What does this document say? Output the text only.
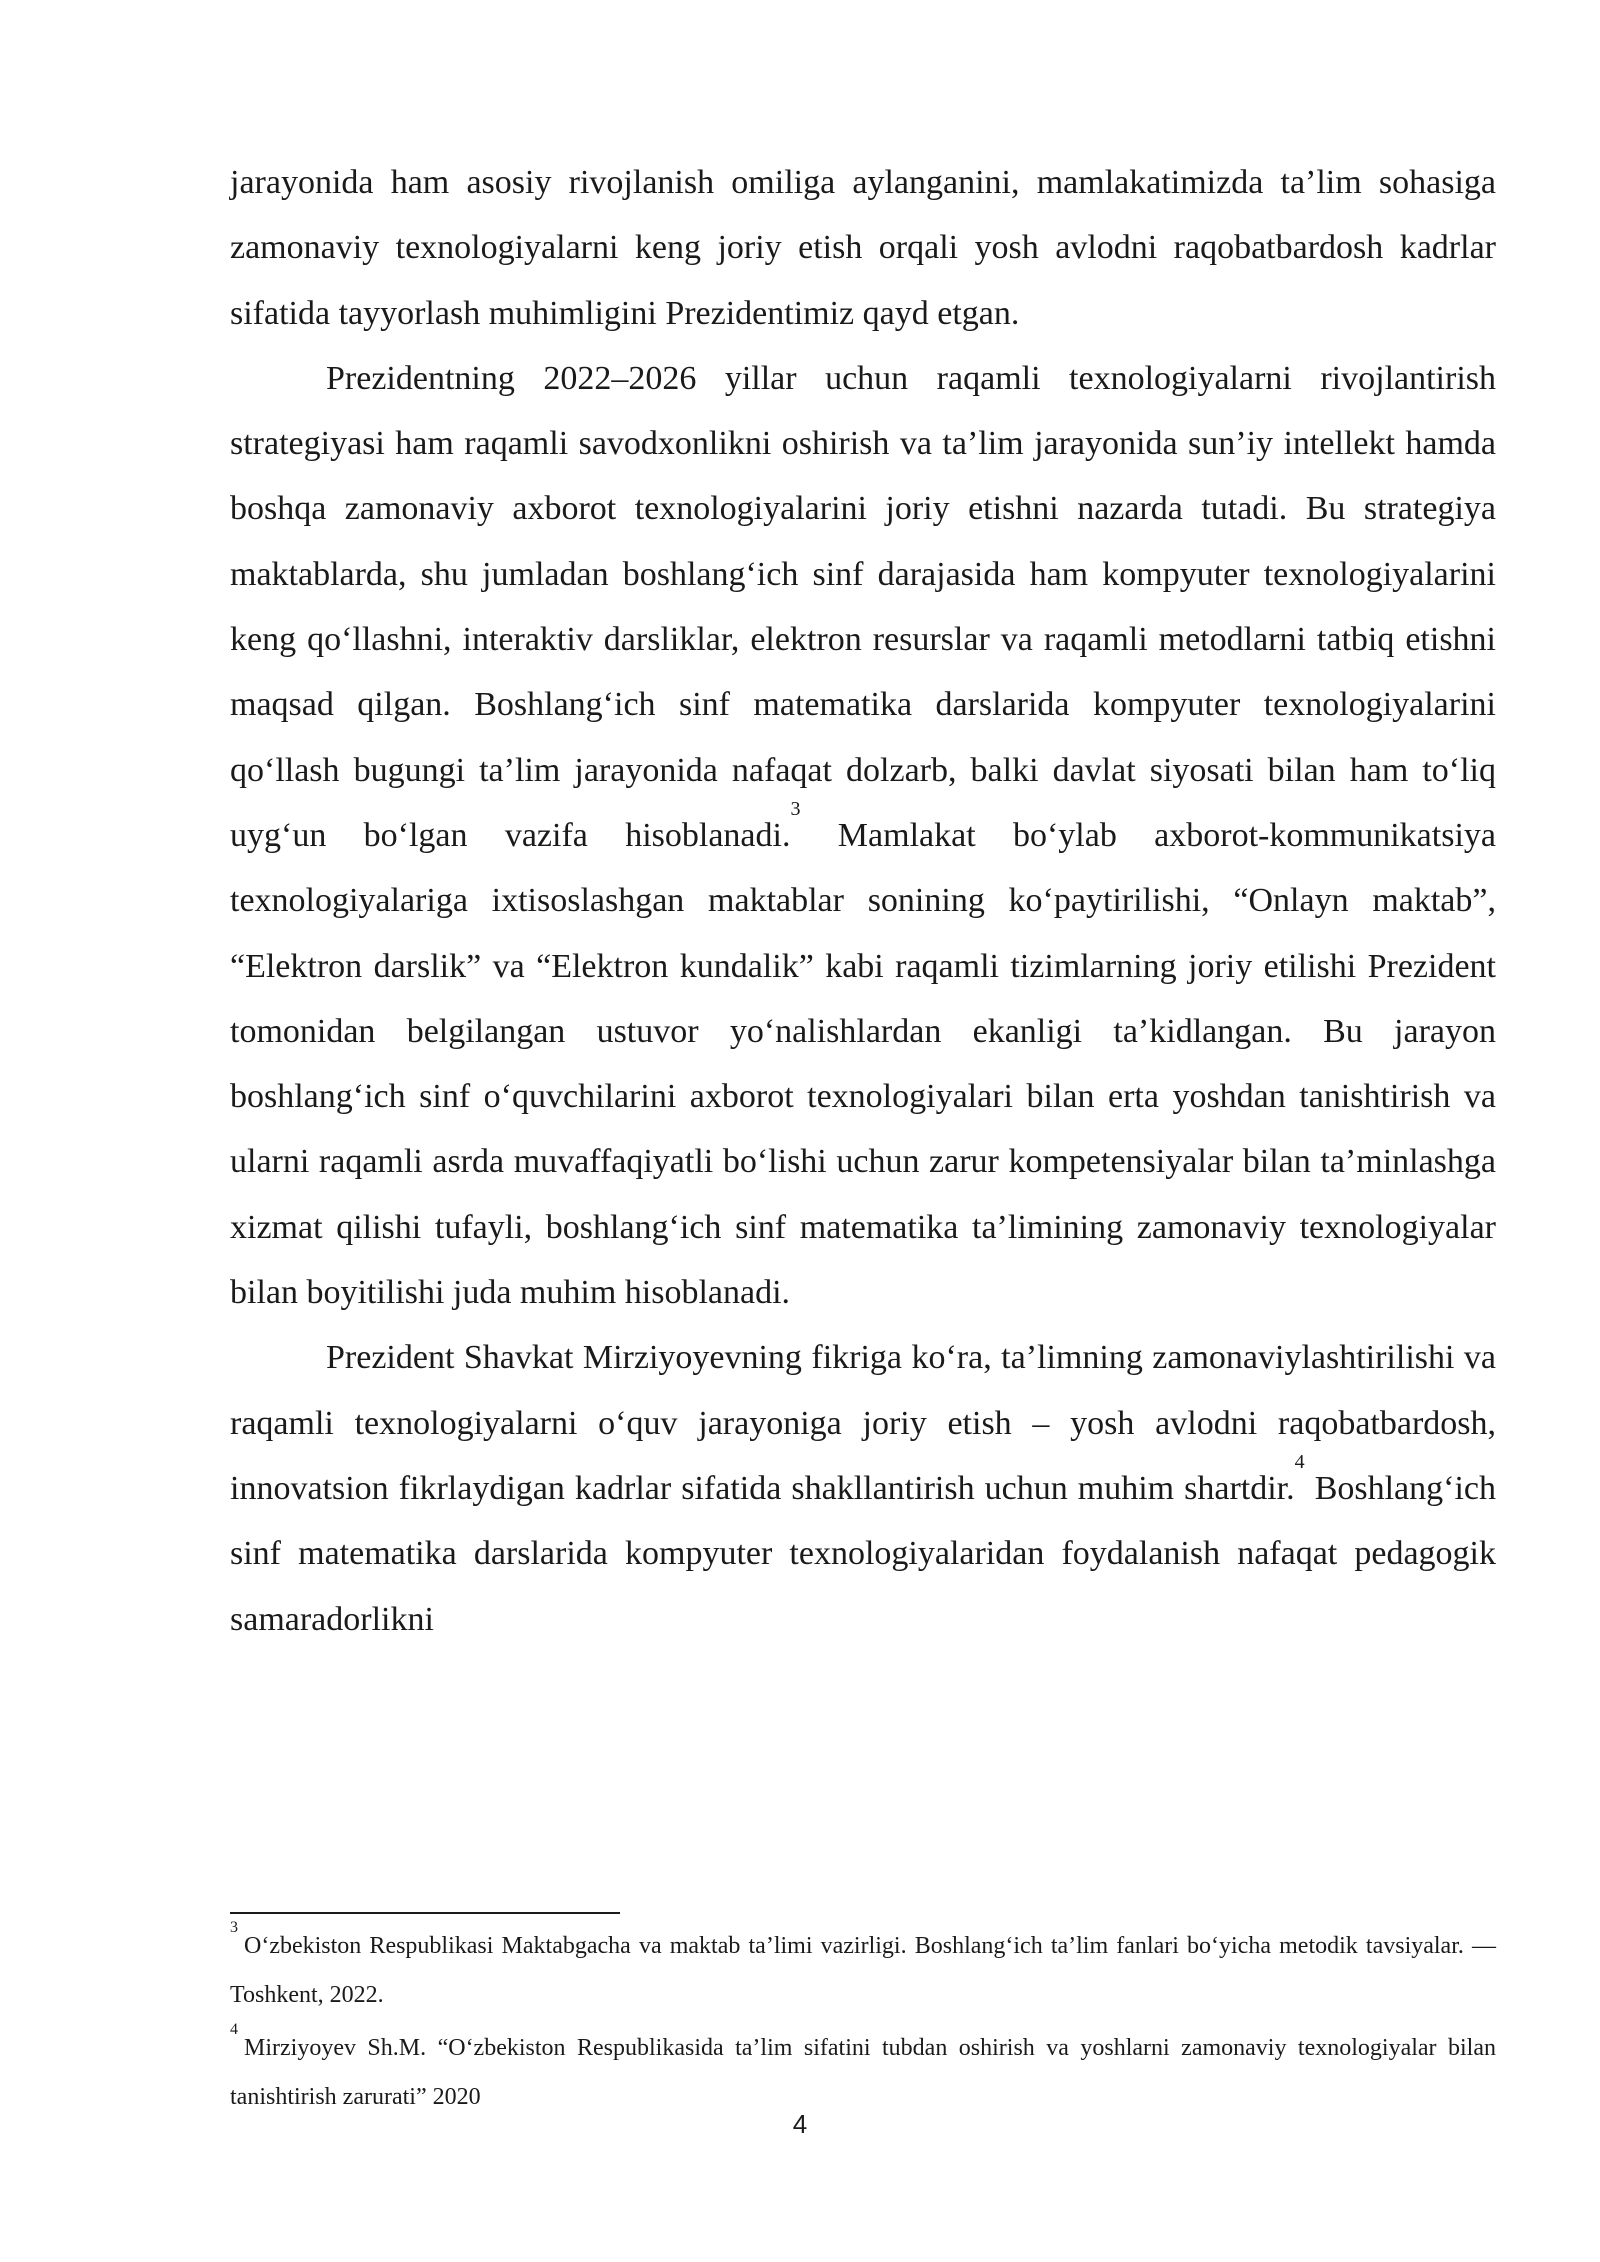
jarayonida ham asosiy rivojlanish omiliga aylanganini, mamlakatimizda ta’lim sohasiga zamonaviy texnologiyalarni keng joriy etish orqali yosh avlodni raqobatbardosh kadrlar sifatida tayyorlash muhimligini Prezidentimiz qayd etgan.

Prezidentning 2022–2026 yillar uchun raqamli texnologiyalarni rivojlantirish strategiyasi ham raqamli savodxonlikni oshirish va ta’lim jarayonida sun’iy intellekt hamda boshqa zamonaviy axborot texnologiyalarini joriy etishni nazarda tutadi. Bu strategiya maktablarda, shu jumladan boshlang‘ich sinf darajasida ham kompyuter texnologiyalarini keng qo‘llashni, interaktiv darsliklar, elektron resurslar va raqamli metodlarni tatbiq etishni maqsad qilgan. Boshlang‘ich sinf matematika darslarida kompyuter texnologiyalarini qo‘llash bugungi ta’lim jarayonida nafaqat dolzarb, balki davlat siyosati bilan ham to‘liq uyg‘un bo‘lgan vazifa hisoblanadi.$^3$ Mamlakat bo‘ylab axborot-kommunikatsiya texnologiyalariga ixtisoslashgan maktablar sonining ko‘paytirilishi, “Onlayn maktab”, “Elektron darslik” va “Elektron kundalik” kabi raqamli tizimlarning joriy etilishi Prezident tomonidan belgilangan ustuvor yo‘nalishlardan ekanligi ta’kidlangan. Bu jarayon boshlang‘ich sinf o‘quvchilarini axborot texnologiyalari bilan erta yoshdan tanishtirish va ularni raqamli asrda muvaffaqiyatli bo‘lishi uchun zarur kompetensiyalar bilan ta’minlashga xizmat qilishi tufayli, boshlang‘ich sinf matematika ta’limining zamonaviy texnologiyalar bilan boyitilishi juda muhim hisoblanadi.

Prezident Shavkat Mirziyoyevning fikriga ko‘ra, ta’limning zamonaviylashtirilishi va raqamli texnologiyalarni o‘quv jarayoniga joriy etish – yosh avlodni raqobatbardosh, innovatsion fikrlaydigan kadrlar sifatida shakllantirish uchun muhim shartdir.$^4$ Boshlang‘ich sinf matematika darslarida kompyuter texnologiyalaridan foydalanish nafaqat pedagogik samaradorlikni

$^3$O‘zbekiston Respublikasi Maktabgacha va maktab ta’limi vazirligi. Boshlang‘ich ta’lim fanlari bo‘yicha metodik tavsiyalar. — Toshkent, 2022.

$^4$Mirziyoyev Sh.M. “O‘zbekiston Respublikasida ta’lim sifatini tubdan oshirish va yoshlarni zamonaviy texnologiyalar bilan tanishtirish zarurati” 2020

4
